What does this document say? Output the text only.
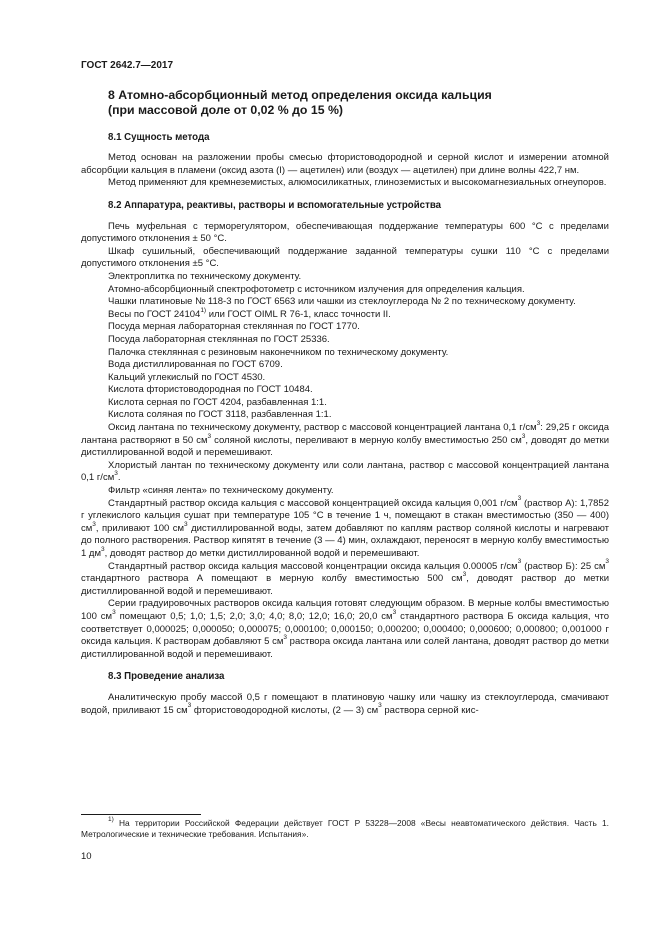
ГОСТ 2642.7—2017
8 Атомно-абсорбционный метод определения оксида кальция
(при массовой доле от 0,02 % до 15 %)
8.1 Сущность метода

Метод основан на разложении пробы смесью фтористоводородной и серной кислот и измерении атомной абсорбции кальция в пламени (оксид азота (I) — ацетилен) или (воздух — ацетилен) при длине волны 422,7 нм.

Метод применяют для кремнеземистых, алюмосиликатных, глиноземистых и высокомагнезиальных огнеупоров.

8.2 Аппаратура, реактивы, растворы и вспомогательные устройства

Печь муфельная с терморегулятором, обеспечивающая поддержание температуры 600 °С с пределами допустимого отклонения ± 50 °С.

Шкаф сушильный, обеспечивающий поддержание заданной температуры сушки 110 °С с пределами допустимого отклонения ±5 °С.

Электроплитка по техническому документу.

Атомно-абсорбционный спектрофотометр с источником излучения для определения кальция.

Чашки платиновые № 118-3 по ГОСТ 6563 или чашки из стеклоуглерода № 2 по техническому документу.

Весы по ГОСТ 24104$^{1)}$ или ГОСТ OIML R 76-1, класс точности II.

Посуда мерная лабораторная стеклянная по ГОСТ 1770.

Посуда лабораторная стеклянная по ГОСТ 25336.

Палочка стеклянная с резиновым наконечником по техническому документу.

Вода дистиллированная по ГОСТ 6709.

Кальций углекислый по ГОСТ 4530.

Кислота фтористоводородная по ГОСТ 10484.

Кислота серная по ГОСТ 4204, разбавленная 1:1.

Кислота соляная по ГОСТ 3118, разбавленная 1:1.

Оксид лантана по техническому документу, раствор с массовой концентрацией лантана 0,1 $г/см^3$: 29,25 г оксида лантана растворяют в 50 $см^3$ соляной кислоты, переливают в мерную колбу вместимостью 250 $см^3$, доводят до метки дистиллированной водой и перемешивают.

Хлористый лантан по техническому документу или соли лантана, раствор с массовой концентрацией лантана 0,1 $г/см^3$.

Фильтр «синяя лента» по техническому документу.

Стандартный раствор оксида кальция с массовой концентрацией оксида кальция 0,001 $г/см^3$ (раствор А): 1,7852 г углекислого кальция сушат при температуре 105 °С в течение 1 ч, помещают в стакан вместимостью (350 — 400) $см^3$, приливают 100 $см^3$ дистиллированной воды, затем добавляют по каплям раствор соляной кислоты и нагревают до полного растворения. Раствор кипятят в течение (3 — 4) мин, охлаждают, переносят в мерную колбу вместимостью 1 $дм^3$, доводят раствор до метки дистиллированной водой и перемешивают.

Стандартный раствор оксида кальция массовой концентрации оксида кальция 0.00005 $г/см^3$ (раствор Б): 25 $см^3$ стандартного раствора А помещают в мерную колбу вместимостью 500 $см^3$, доводят раствор до метки дистиллированной водой и перемешивают.

Серии градуировочных растворов оксида кальция готовят следующим образом. В мерные колбы вместимостью 100 $см^3$ помещают 0,5; 1,0; 1,5; 2,0; 3,0; 4,0; 8,0; 12,0; 16,0; 20,0 $см^3$ стандартного раствора Б оксида кальция, что соответствует 0,000025; 0,000050; 0,000075; 0,000100; 0,000150; 0,000200; 0,000400; 0,000600; 0,000800; 0,001000 г оксида кальция. К растворам добавляют 5 $см^3$ раствора оксида лантана или солей лантана, доводят раствор до метки дистиллированной водой и перемешивают.

8.3 Проведение анализа

Аналитическую пробу массой 0,5 г помещают в платиновую чашку или чашку из стеклоуглерода, смачивают водой, приливают 15 $см^3$ фтористоводородной кислоты, (2 — 3) $см^3$ раствора серной кис-

$^{1)}$ На территории Российской Федерации действует ГОСТ Р 53228—2008 «Весы неавтоматического действия. Часть 1. Метрологические и технические требования. Испытания».
10
